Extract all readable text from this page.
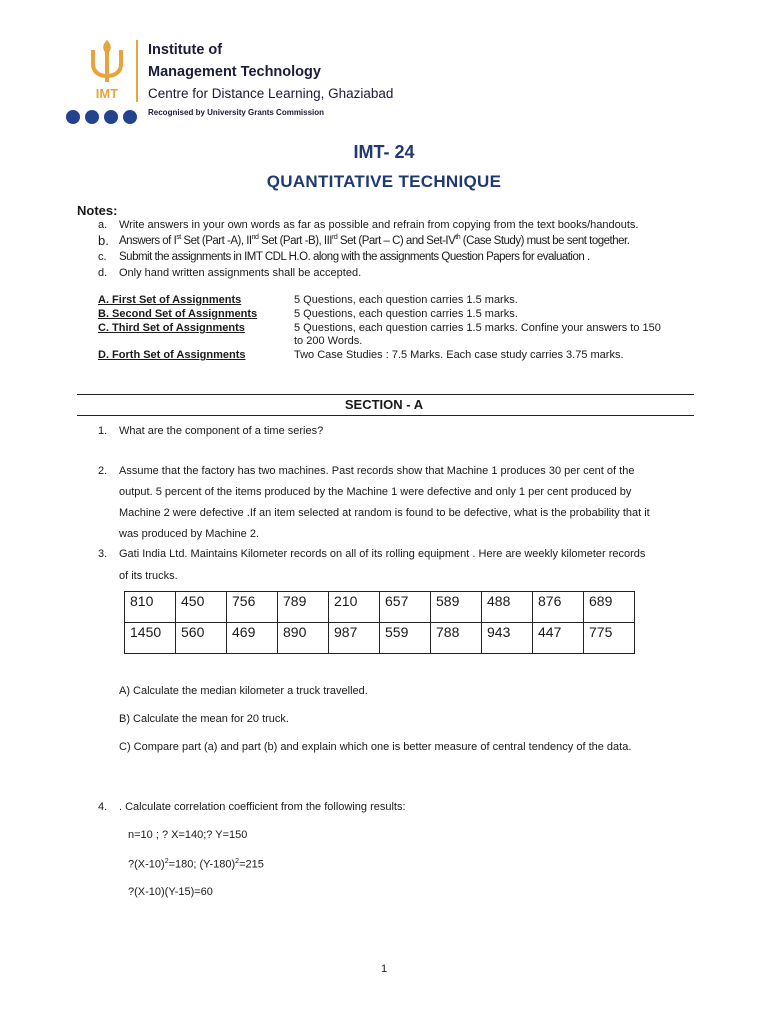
IMT
Institute of
Management Technology
Centre for Distance Learning, Ghaziabad
Recognised by University Grants Commission
IMT- 24
QUANTITATIVE TECHNIQUE
Notes:
a. Write answers in your own words as far as possible and refrain from copying from the text books/handouts.
b. Answers of Ist Set (Part -A), IInd Set (Part -B), IIIrd Set (Part – C) and Set-IVth (Case Study) must be sent together.
c. Submit the assignments in IMT CDL H.O. along with the assignments Question Papers for evaluation .
d. Only hand written assignments shall be accepted.
A. First Set of Assignments	5 Questions, each question carries 1.5 marks.
B. Second Set of Assignments	5 Questions, each question carries 1.5 marks.
C. Third Set of Assignments	5 Questions, each question carries 1.5 marks. Confine your answers to 150
to 200 Words.
D. Forth Set of Assignments	Two Case Studies : 7.5 Marks. Each case study carries 3.75 marks.
SECTION - A
1. What are the component of a time series?
2. Assume that the factory has two machines. Past records show that Machine 1 produces 30 per cent of the
output. 5 percent of the items produced by the Machine 1 were defective and only 1 per cent produced by
Machine 2 were defective .If an item selected at random is found to be defective, what is the probability that it
was produced by Machine 2.
3. Gati India Ltd. Maintains Kilometer records on all of its rolling equipment . Here are weekly kilometer records
of its trucks.
810	450	756	789	210	657	589	488	876	689
1450	560	469	890	987	559	788	943	447	775
A) Calculate the median kilometer a truck travelled.
B) Calculate the mean for 20 truck.
C) Compare part (a) and part (b) and explain which one is better measure of central tendency of the data.
4. . Calculate correlation coefficient from the following results:
n=10 ; ? X=140;? Y=150
$?(X-10)^2=180$; $(Y-180)^2=215$
?(X-10)(Y-15)=60
1
